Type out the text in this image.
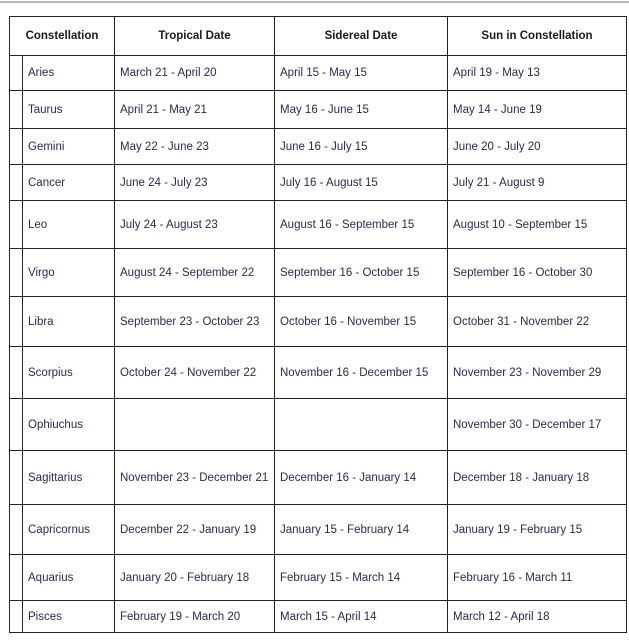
Constellation		Tropical Date	Sidereal Date	Sun in Constellation
	Aries	March 21 - April 20	April 15 - May 15	April 19 - May 13
	Taurus	April 21 - May 21	May 16 - June 15	May 14 - June 19
	Gemini	May 22 - June 23	June 16 - July 15	June 20 - July 20
	Cancer	June 24 - July 23	July 16 - August 15	July 21 - August 9
	Leo	July 24 - August 23	August 16 - September 15	August 10 - September 15
	Virgo	August 24 - September 22	September 16 - October 15	September 16 - October 30
	Libra	September 23 - October 23	October 16 - November 15	October 31 - November 22
	Scorpius	October 24 - November 22	November 16 - December 15	November 23 - November 29
	Ophiuchus			November 30 - December 17
	Sagittarius	November 23 - December 21	December 16 - January 14	December 18 - January 18
	Capricornus	December 22 - January 19	January 15 - February 14	January 19 - February 15
	Aquarius	January 20 - February 18	February 15 - March 14	February 16 - March 11
	Pisces	February 19 - March 20	March 15 - April 14	March 12 - April 18
